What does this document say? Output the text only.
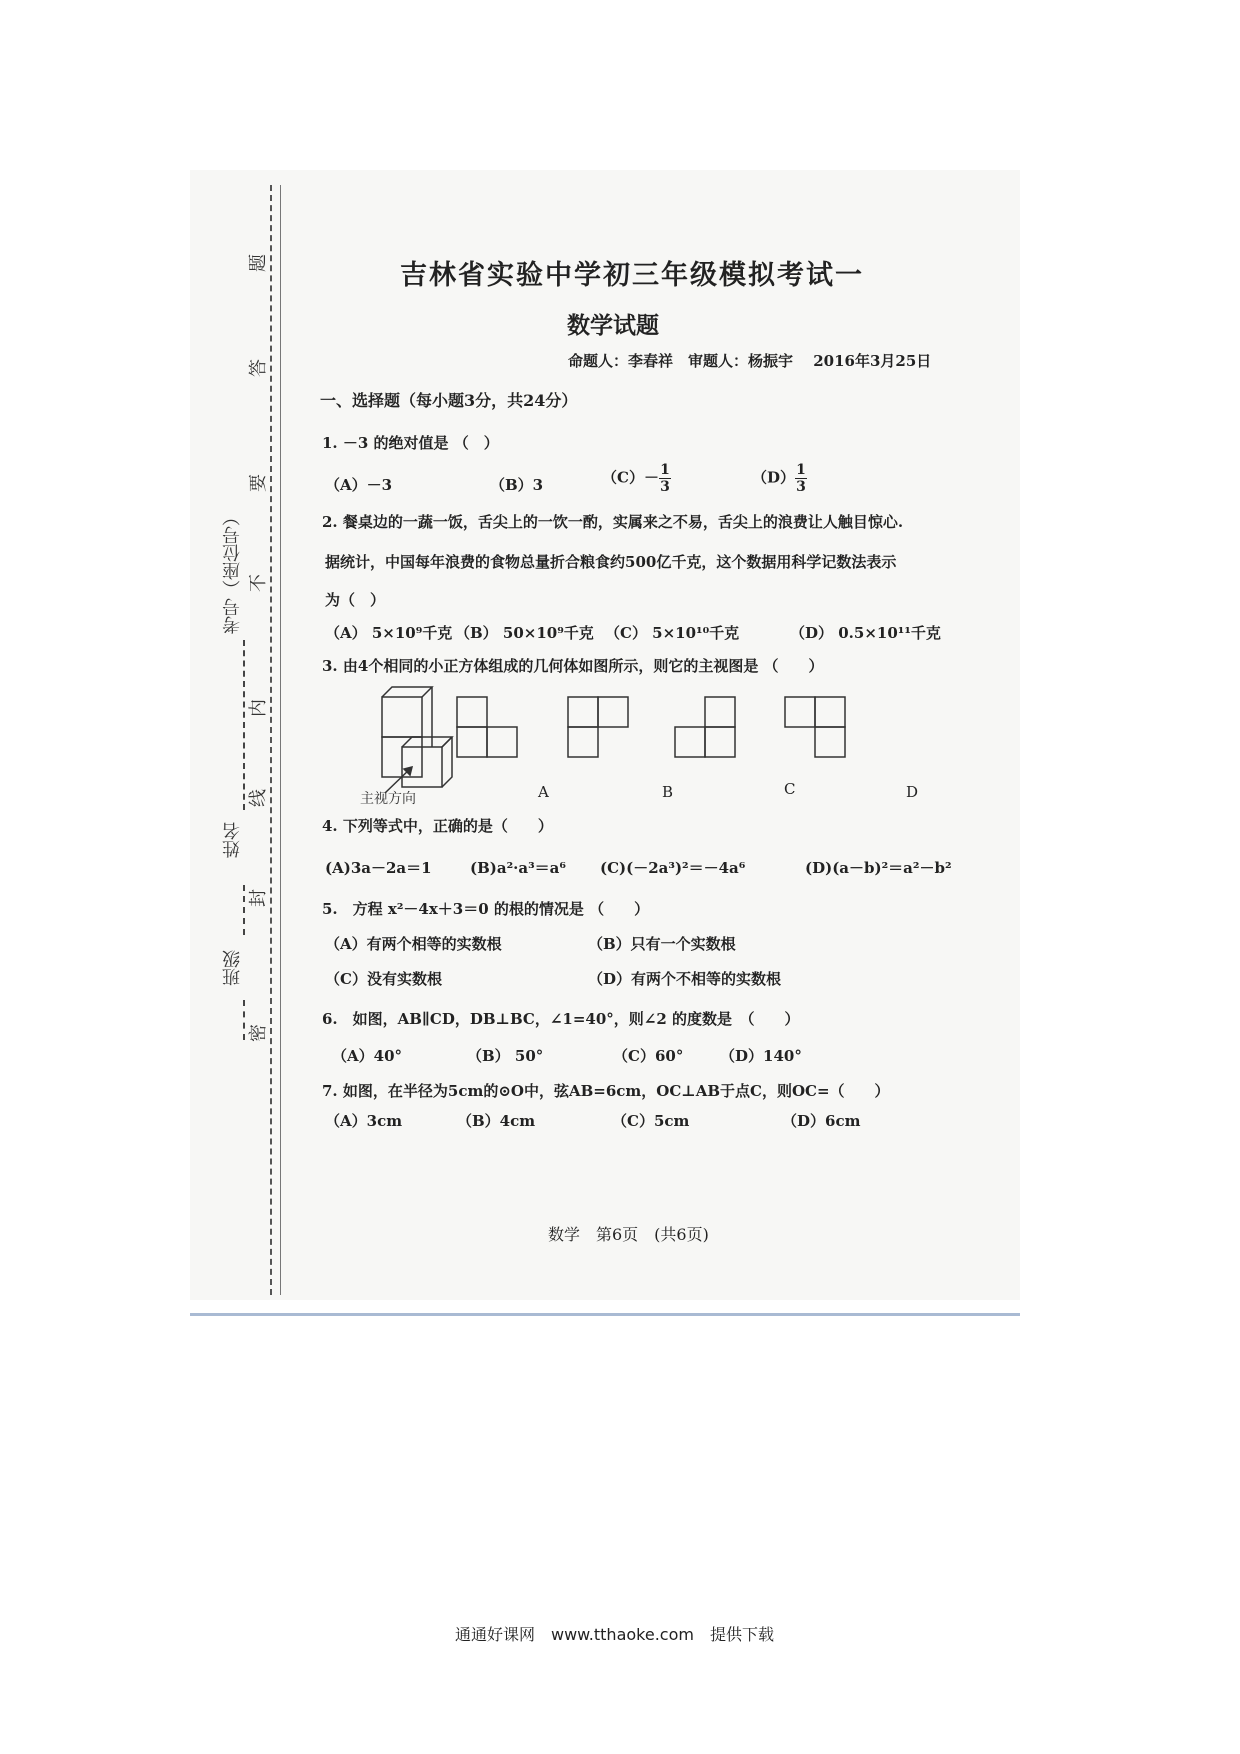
考号（座位号）
姓名
班级
密
封
线
内
不
要
答
题	吉林省实验中学初三年级模拟考试一
数学试题
命题人：李春祥　审题人：杨振宇　 2016年3月25日
一、选择题（每小题3分，共24分）
1. －3 的绝对值是 （　）
（A）－3	（B）3	$(C)- \frac{1}{3}$	$(D) \frac{1}{3}$
2. 餐桌边的一蔬一饭，舌尖上的一饮一酌，实属来之不易，舌尖上的浪费让人触目惊心.
据统计，中国每年浪费的食物总量折合粮食约500亿千克，这个数据用科学记数法表示
为（　）
（A） 5×10⁹千克 （B） 50×10⁹千克 （C） 5×10¹⁰千克	（D） 0.5×10¹¹千克
3. 由4个相同的小正方体组成的几何体如图所示，则它的主视图是 （　　）
主视方向	A	B	C	D
4. 下列等式中，正确的是（　　）
(A)3a－2a＝1	(B)a²·a³＝a⁶ (C)(－2a³)²＝－4a⁶	(D)(a－b)²＝a²－b²
5.　方程 x²－4x＋3＝0 的根的情况是 （　　）
（A）有两个相等的实数根	（B）只有一个实数根
（C）没有实数根	（D）有两个不相等的实数根
6.　如图，AB∥CD，DB⊥BC，∠1=40°，则∠2 的度数是　（　　）
（A）40°	（B） 50°	（C）60° （D）140°
7. 如图，在半径为5cm的⊙O中，弦AB=6cm，OC⊥AB于点C，则OC=（　　）
（A）3cm	（B）4cm	（C）5cm	（D）6cm
数学　第6页　(共6页)
通通好课网　www.tthaoke.com　提供下载
